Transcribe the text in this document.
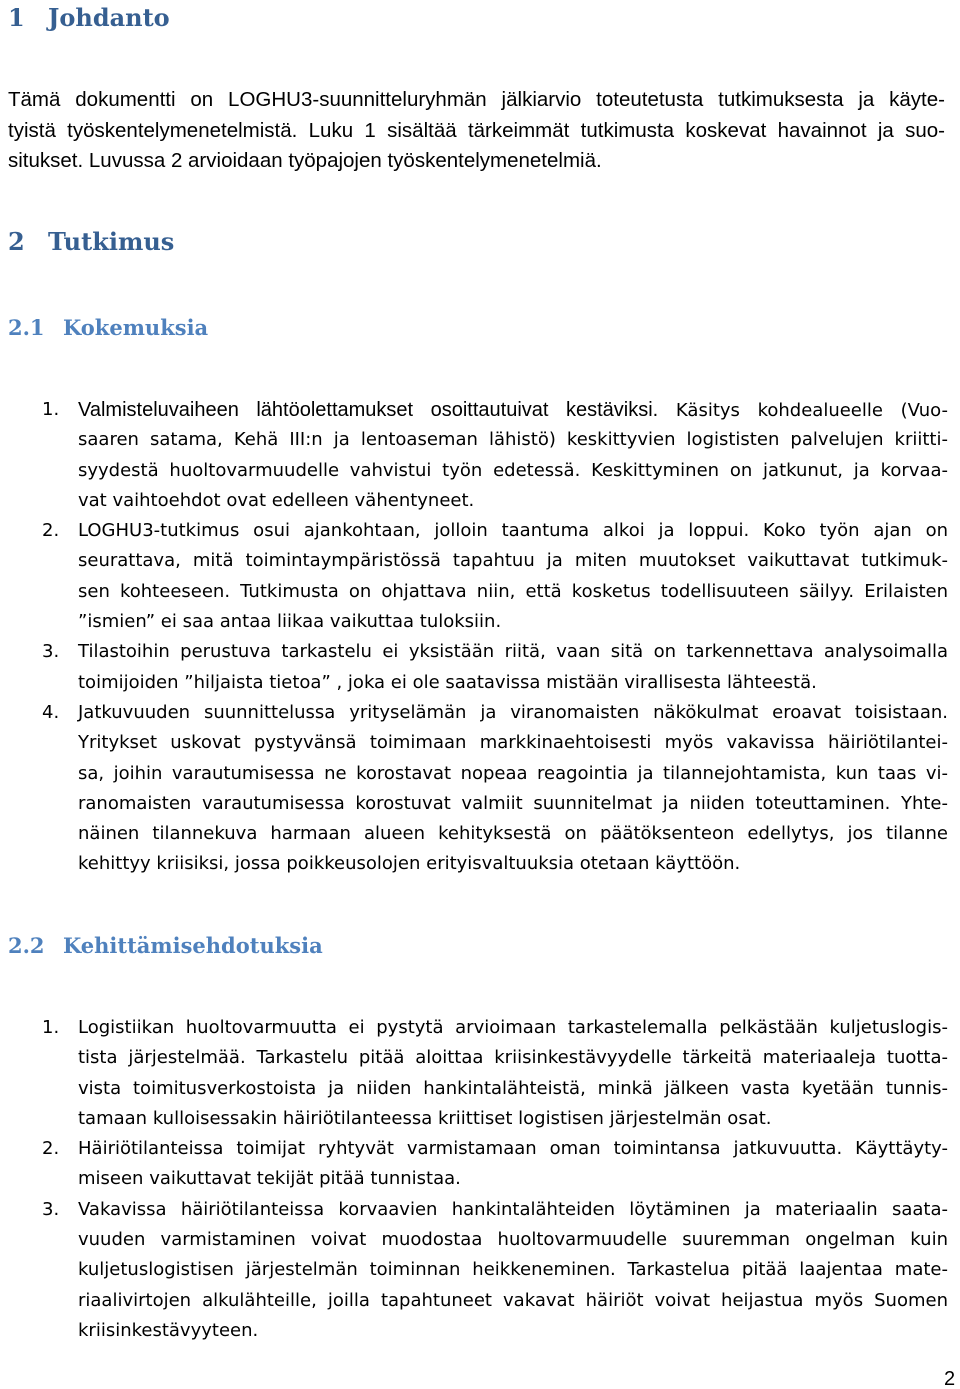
1 Johdanto
Tämä dokumentti on LOGHU3-suunnitteluryhmän jälkiarvio toteutetusta tutkimuksesta ja käyte-
tyistä työskentelymenetelmistä. Luku 1 sisältää tärkeimmät tutkimusta koskevat havainnot ja suo-
situkset. Luvussa 2 arvioidaan työpajojen työskentelymenetelmiä.
2 Tutkimus
2.1 Kokemuksia
1. Valmisteluvaiheen lähtöolettamukset osoittautuivat kestäviksi. Käsitys kohdealueelle (Vuo-
saaren satama, Kehä III:n ja lentoaseman lähistö) keskittyvien logististen palvelujen kriitti-
syydestä huoltovarmuudelle vahvistui työn edetessä. Keskittyminen on jatkunut, ja korvaa-
vat vaihtoehdot ovat edelleen vähentyneet.
2. LOGHU3-tutkimus osui ajankohtaan, jolloin taantuma alkoi ja loppui. Koko työn ajan on
seurattava, mitä toimintaympäristössä tapahtuu ja miten muutokset vaikuttavat tutkimuk-
sen kohteeseen. Tutkimusta on ohjattava niin, että kosketus todellisuuteen säilyy. Erilaisten
”ismien” ei saa antaa liikaa vaikuttaa tuloksiin.
3. Tilastoihin perustuva tarkastelu ei yksistään riitä, vaan sitä on tarkennettava analysoimalla
toimijoiden ”hiljaista tietoa” , joka ei ole saatavissa mistään virallisesta lähteestä.
4. Jatkuvuuden suunnittelussa yrityselämän ja viranomaisten näkökulmat eroavat toisistaan.
Yritykset uskovat pystyvänsä toimimaan markkinaehtoisesti myös vakavissa häiriötilantei-
sa, joihin varautumisessa ne korostavat nopeaa reagointia ja tilannejohtamista, kun taas vi-
ranomaisten varautumisessa korostuvat valmiit suunnitelmat ja niiden toteuttaminen. Yhte-
näinen tilannekuva harmaan alueen kehityksestä on päätöksenteon edellytys, jos tilanne
kehittyy kriisiksi, jossa poikkeusolojen erityisvaltuuksia otetaan käyttöön.
2.2 Kehittämisehdotuksia
1. Logistiikan huoltovarmuutta ei pystytä arvioimaan tarkastelemalla pelkästään kuljetuslogis-
tista järjestelmää. Tarkastelu pitää aloittaa kriisinkestävyydelle tärkeitä materiaaleja tuotta-
vista toimitusverkostoista ja niiden hankintalähteistä, minkä jälkeen vasta kyetään tunnis-
tamaan kulloisessakin häiriötilanteessa kriittiset logistisen järjestelmän osat.
2. Häiriötilanteissa toimijat ryhtyvät varmistamaan oman toimintansa jatkuvuutta. Käyttäyty-
miseen vaikuttavat tekijät pitää tunnistaa.
3. Vakavissa häiriötilanteissa korvaavien hankintalähteiden löytäminen ja materiaalin saata-
vuuden varmistaminen voivat muodostaa huoltovarmuudelle suuremman ongelman kuin
kuljetuslogistisen järjestelmän toiminnan heikkeneminen. Tarkastelua pitää laajentaa mate-
riaalivirtojen alkulähteille, joilla tapahtuneet vakavat häiriöt voivat heijastua myös Suomen
kriisinkestävyyteen.
2
